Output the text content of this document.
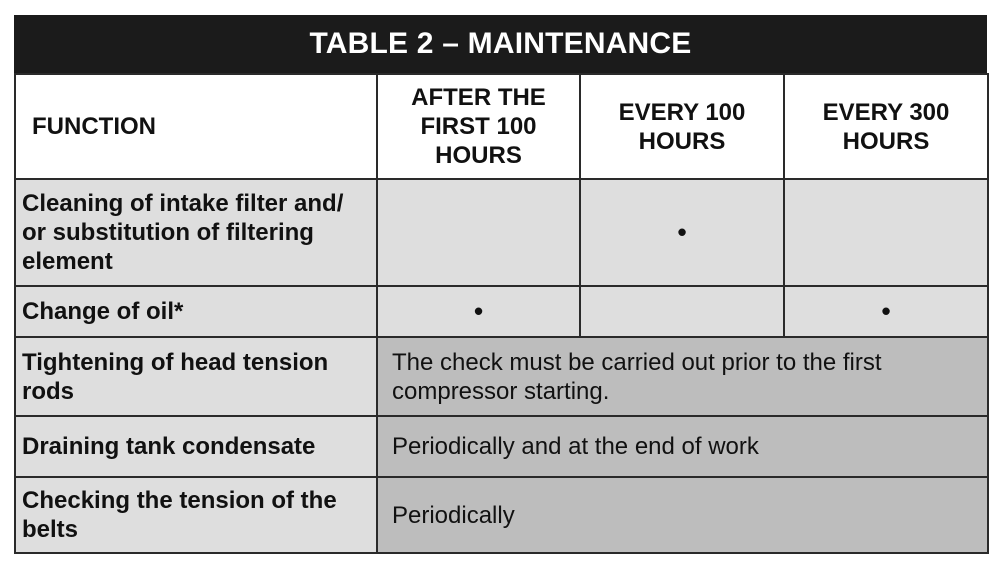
TABLE 2 – MAINTENANCE
FUNCTION	AFTER THE FIRST 100 HOURS	EVERY 100 HOURS	EVERY 300 HOURS
Cleaning of intake filter and/ or substitution of filtering element		•	
Change of oil*	•		•
Tightening of head tension rods	The check must be carried out prior to the first compressor starting.		
Draining tank condensate	Periodically and at the end of work		
Checking the tension of the belts	Periodically		
